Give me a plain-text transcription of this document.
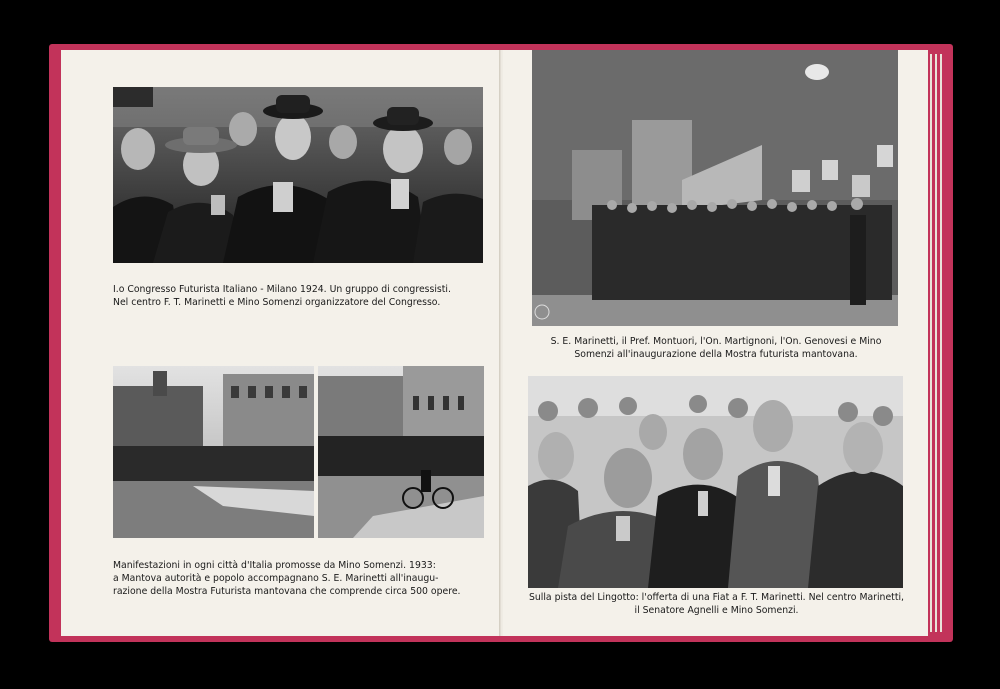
I.o Congresso Futurista Italiano - Milano 1924. Un gruppo di congressisti.
Nel centro F. T. Marinetti e Mino Somenzi organizzatore del Congresso.
Manifestazioni in ogni città d'Italia promosse da Mino Somenzi. 1933:
a Mantova autorità e popolo accompagnano S. E. Marinetti all'inaugu-
razione della Mostra Futurista mantovana che comprende circa 500 opere.
S. E. Marinetti, il Pref. Montuori, l'On. Martignoni, l'On. Genovesi e Mino
Somenzi all'inaugurazione della Mostra futurista mantovana.
Sulla pista del Lingotto: l'offerta di una Fiat a F. T. Marinetti. Nel centro Marinetti,
il Senatore Agnelli e Mino Somenzi.
